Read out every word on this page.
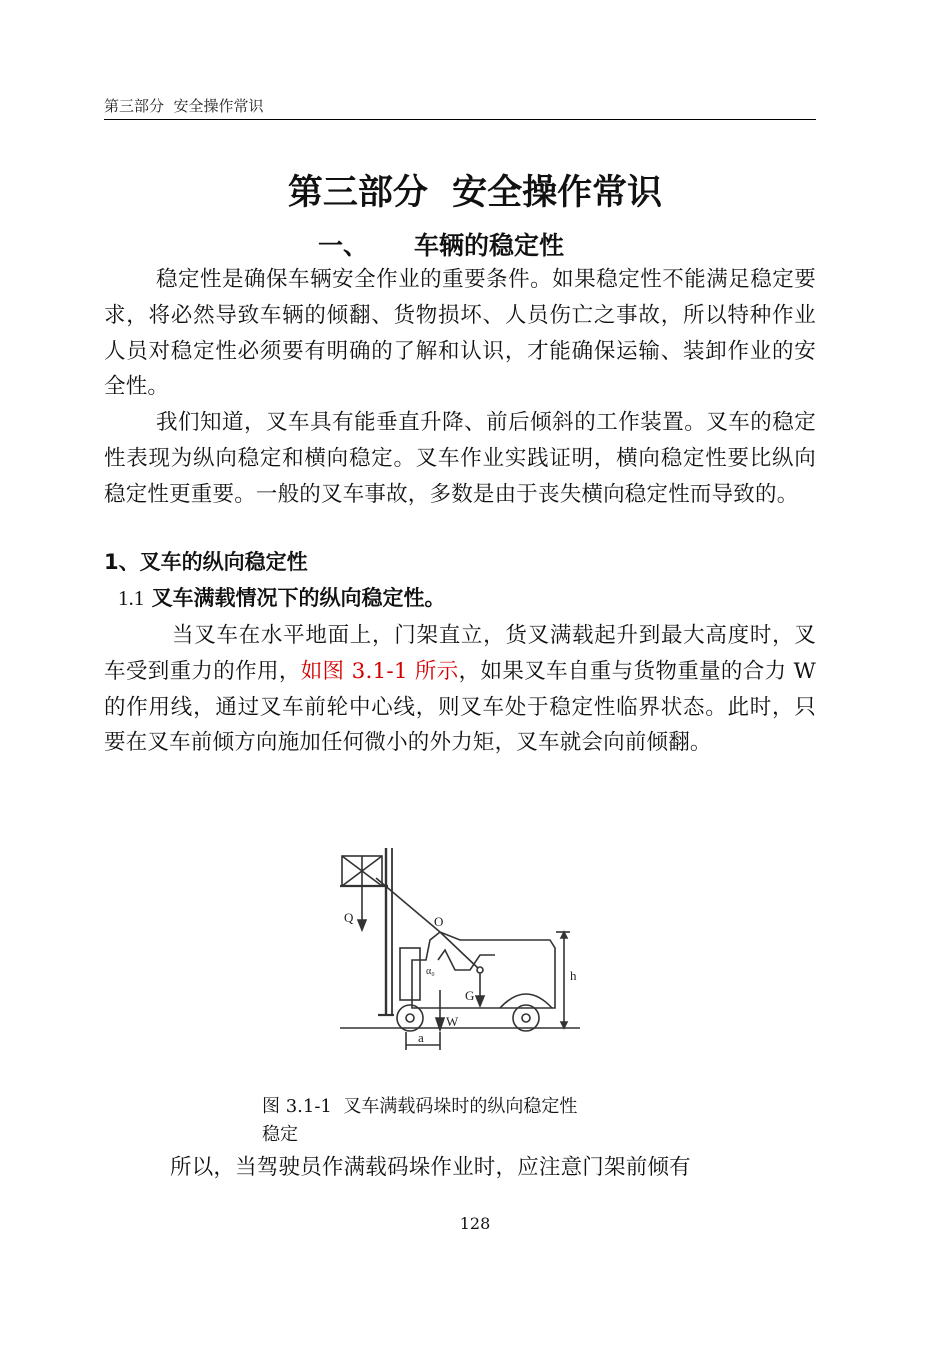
第三部分  安全操作常识
第三部分  安全操作常识
一、 车辆的稳定性
稳定性是确保车辆安全作业的重要条件。如果稳定性不能满足稳定要求，将必然导致车辆的倾翻、货物损坏、人员伤亡之事故，所以特种作业人员对稳定性必须要有明确的了解和认识，才能确保运输、装卸作业的安全性。
我们知道，叉车具有能垂直升降、前后倾斜的工作装置。叉车的稳定性表现为纵向稳定和横向稳定。叉车作业实践证明，横向稳定性要比纵向稳定性更重要。一般的叉车事故，多数是由于丧失横向稳定性而导致的。
1、叉车的纵向稳定性
1.1 叉车满载情况下的纵向稳定性。
当叉车在水平地面上，门架直立，货叉满载起升到最大高度时，叉车受到重力的作用，如图 3.1-1 所示，如果叉车自重与货物重量的合力 W 的作用线，通过叉车前轮中心线，则叉车处于稳定性临界状态。此时，只要在叉车前倾方向施加任何微小的外力矩，叉车就会向前倾翻。
Q	O
G
h
W
a
α₀
图 3.1-1  叉车满载码垛时的纵向稳定性
稳定
所以，当驾驶员作满载码垛作业时，应注意门架前倾有
128
